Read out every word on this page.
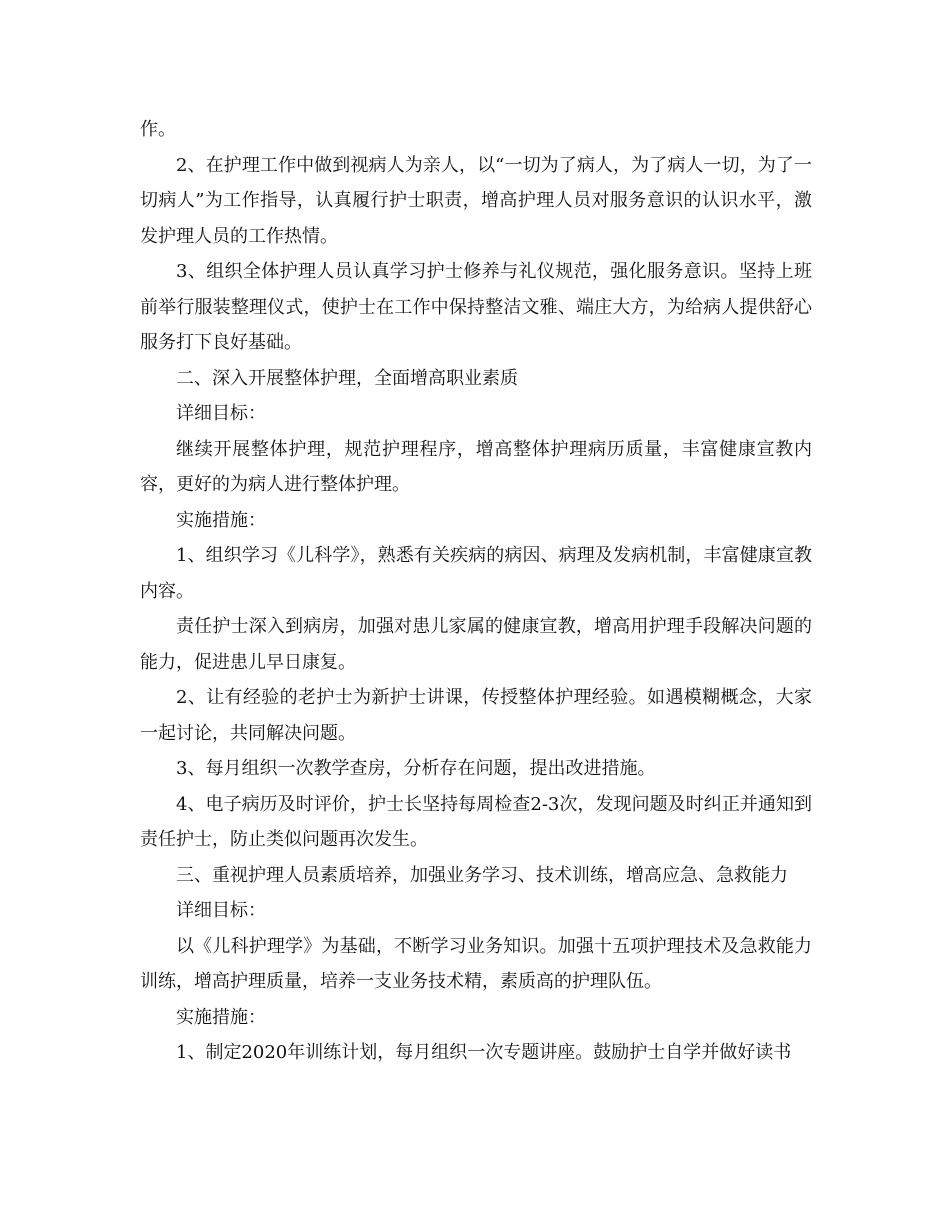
作。

2、在护理工作中做到视病人为亲人，以“一切为了病人，为了病人一切，为了一切病人”为工作指导，认真履行护士职责，增高护理人员对服务意识的认识水平，激发护理人员的工作热情。

3、组织全体护理人员认真学习护士修养与礼仪规范，强化服务意识。坚持上班前举行服装整理仪式，使护士在工作中保持整洁文雅、端庄大方，为给病人提供舒心服务打下良好基础。

二、深入开展整体护理，全面增高职业素质

详细目标：

继续开展整体护理，规范护理程序，增高整体护理病历质量，丰富健康宣教内容，更好的为病人进行整体护理。

实施措施：

1、组织学习《儿科学》，熟悉有关疾病的病因、病理及发病机制，丰富健康宣教内容。

责任护士深入到病房，加强对患儿家属的健康宣教，增高用护理手段解决问题的能力，促进患儿早日康复。

2、让有经验的老护士为新护士讲课，传授整体护理经验。如遇模糊概念，大家一起讨论，共同解决问题。

3、每月组织一次教学查房，分析存在问题，提出改进措施。

4、电子病历及时评价，护士长坚持每周检查2-3次，发现问题及时纠正并通知到责任护士，防止类似问题再次发生。

三、重视护理人员素质培养，加强业务学习、技术训练，增高应急、急救能力

详细目标：

以《儿科护理学》为基础，不断学习业务知识。加强十五项护理技术及急救能力训练，增高护理质量，培养一支业务技术精，素质高的护理队伍。

实施措施：

1、制定2020年训练计划，每月组织一次专题讲座。鼓励护士自学并做好读书
